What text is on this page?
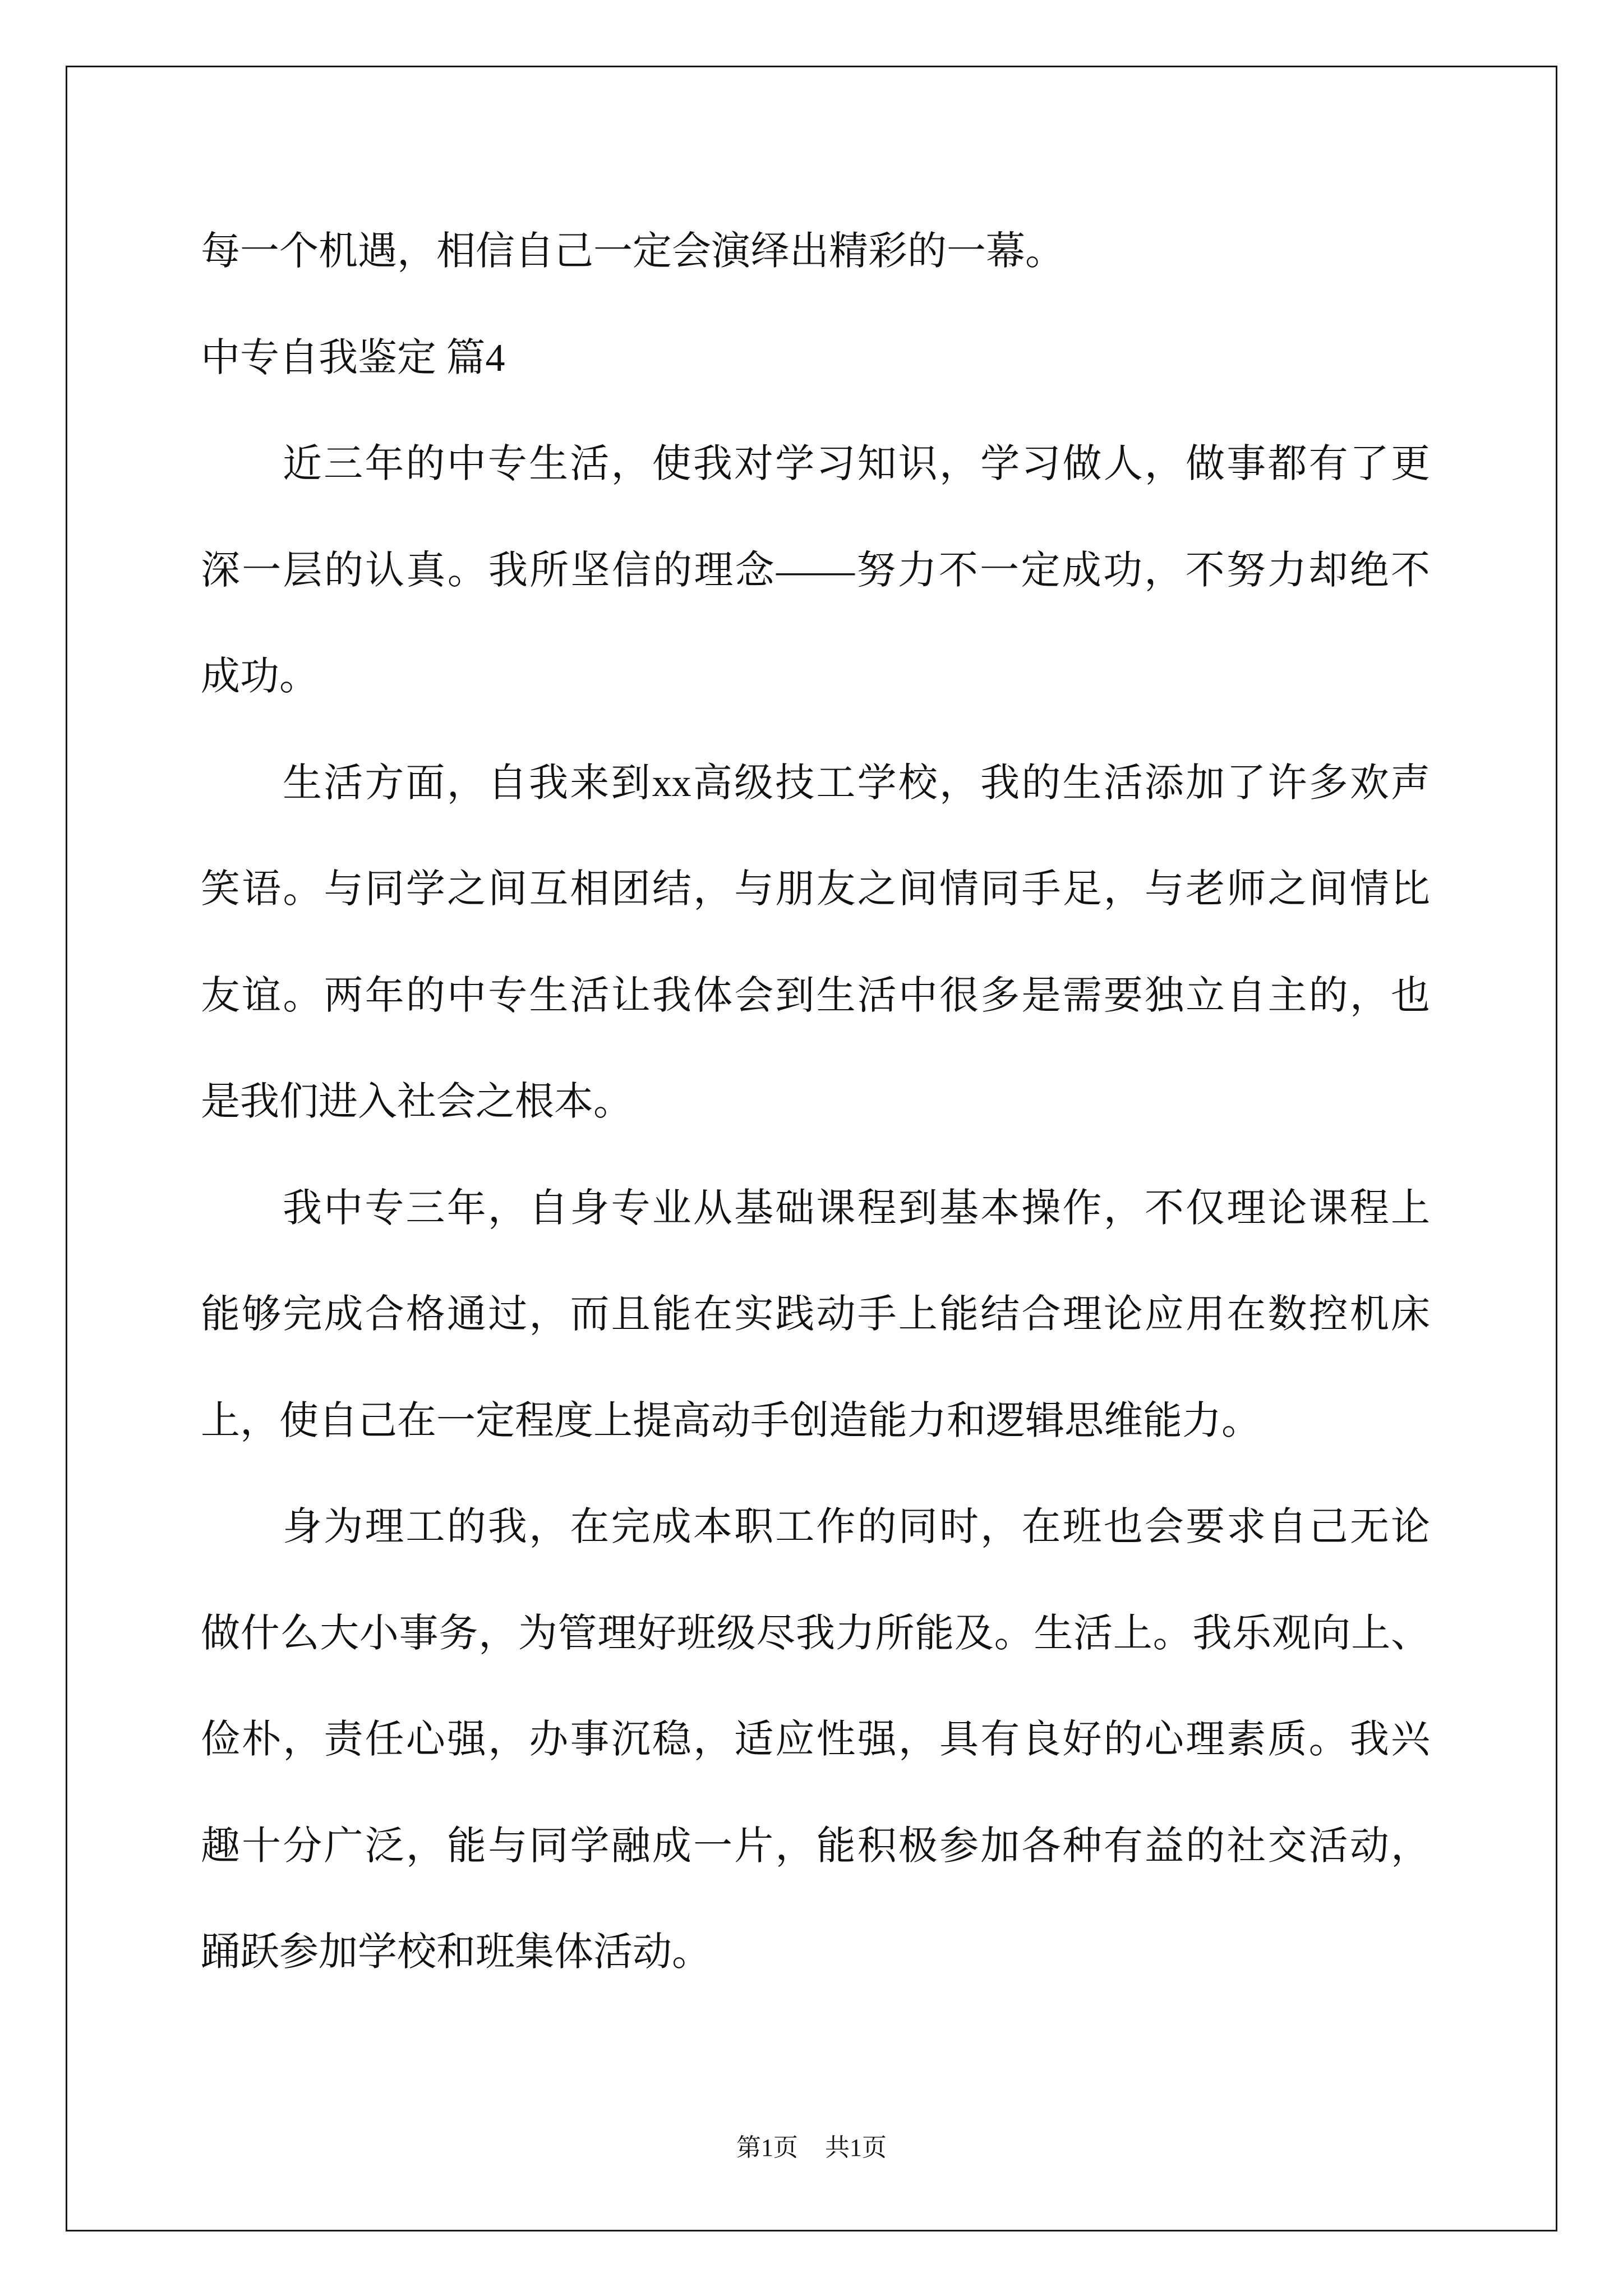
每一个机遇，相信自己一定会演绎出精彩的一幕。
中专自我鉴定 篇4
近三年的中专生活，使我对学习知识，学习做人，做事都有了更
深一层的认真。我所坚信的理念——努力不一定成功，不努力却绝不
成功。
生活方面，自我来到xx高级技工学校，我的生活添加了许多欢声
笑语。与同学之间互相团结，与朋友之间情同手足，与老师之间情比
友谊。两年的中专生活让我体会到生活中很多是需要独立自主的，也
是我们进入社会之根本。
我中专三年，自身专业从基础课程到基本操作，不仅理论课程上
能够完成合格通过，而且能在实践动手上能结合理论应用在数控机床
上，使自己在一定程度上提高动手创造能力和逻辑思维能力。
身为理工的我，在完成本职工作的同时，在班也会要求自己无论
做什么大小事务，为管理好班级尽我力所能及。生活上。我乐观向上、
俭朴，责任心强，办事沉稳，适应性强，具有良好的心理素质。我兴
趣十分广泛，能与同学融成一片，能积极参加各种有益的社交活动，
踊跃参加学校和班集体活动。
第1页 共1页
